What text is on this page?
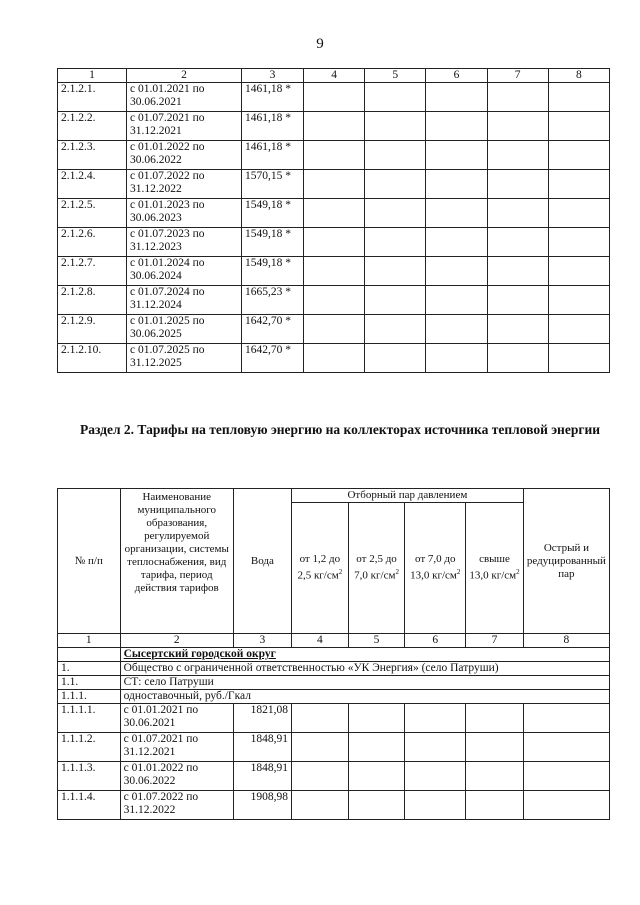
9
1	2	3	4	5	6	7	8
2.1.2.1.	с 01.01.2021 по 30.06.2021	1461,18 *					
2.1.2.2.	с 01.07.2021 по 31.12.2021	1461,18 *					
2.1.2.3.	с 01.01.2022 по 30.06.2022	1461,18 *					
2.1.2.4.	с 01.07.2022 по 31.12.2022	1570,15 *					
2.1.2.5.	с 01.01.2023 по 30.06.2023	1549,18 *					
2.1.2.6.	с 01.07.2023 по 31.12.2023	1549,18 *					
2.1.2.7.	с 01.01.2024 по 30.06.2024	1549,18 *					
2.1.2.8.	с 01.07.2024 по 31.12.2024	1665,23 *					
2.1.2.9.	с 01.01.2025 по 30.06.2025	1642,70 *					
2.1.2.10.	с 01.07.2025 по 31.12.2025	1642,70 *					
Раздел 2. Тарифы на тепловую энергию на коллекторах источника тепловой энергии
№ п/п	Наименование муниципального образования, регулируемой организации, системы теплоснабжения, вид тарифа, период действия тарифов	Вода	Отборный пар давлением				Острый и редуцированный пар
			от 1,2 до 2,5 $кг/см^2$	от 2,5 до 7,0 $кг/см^2$	от 7,0 до 13,0 $кг/см^2$	свыше 13,0 $кг/см^2$
1	2	3	4	5	6	7	8
	Сысертский городской округ						
1.	Общество с ограниченной ответственностью «УК Энергия» (село Патруши)						
1.1.	СТ: село Патруши						
1.1.1.	одноставочный, руб./Гкал						
1.1.1.1.	с 01.01.2021 по 30.06.2021	1821,08					
1.1.1.2.	с 01.07.2021 по 31.12.2021	1848,91					
1.1.1.3.	с 01.01.2022 по 30.06.2022	1848,91					
1.1.1.4.	с 01.07.2022 по 31.12.2022	1908,98					
